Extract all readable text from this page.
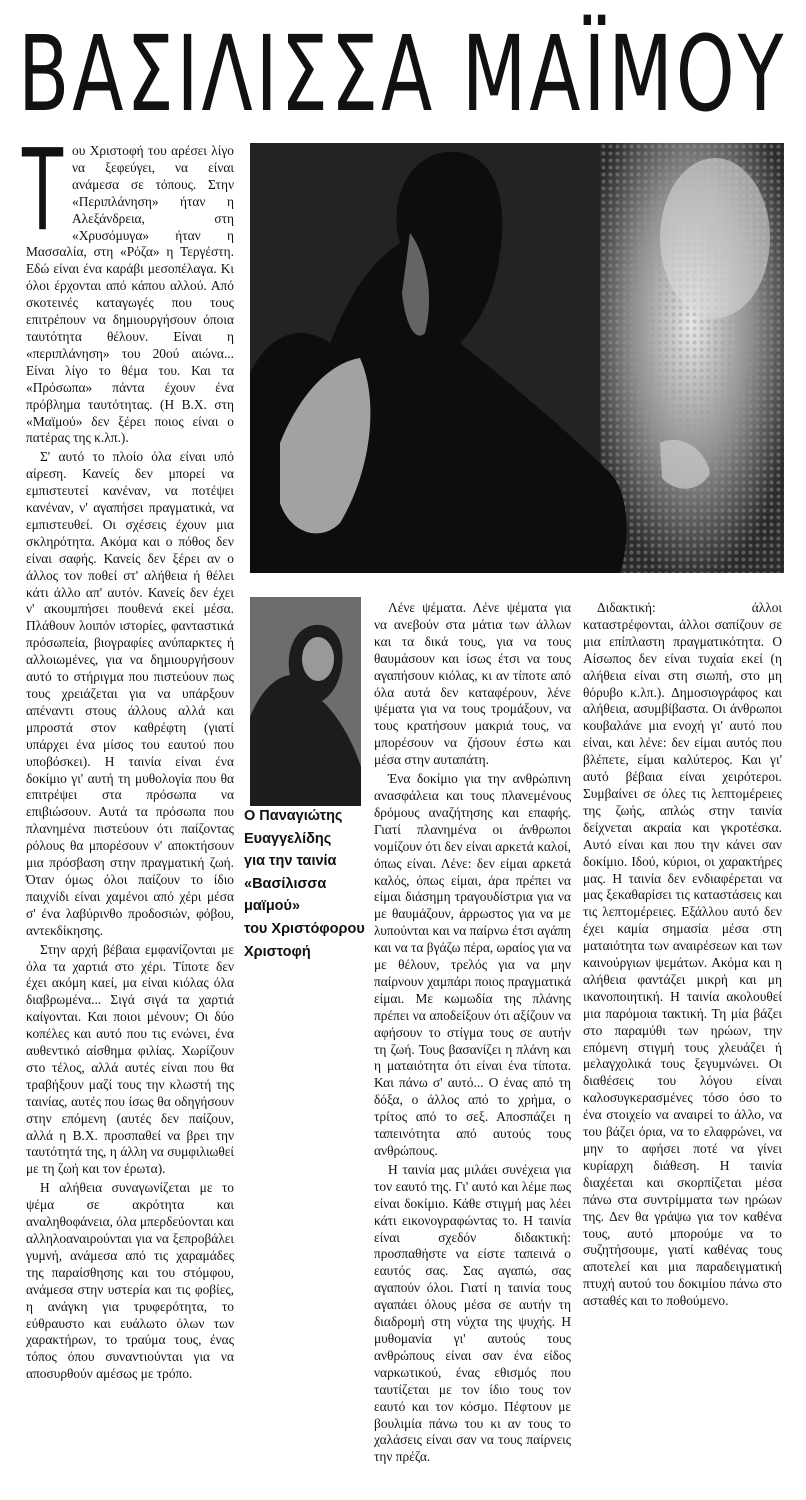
ΒΑΣΙΛΙΣΣΑ ΜΑΪΜΟΥ
Τ ου Χριστοφή του αρέσει λίγο να ξεφεύγει, να είναι ανάμεσα σε τόπους. Στην «Περιπλάνηση» ήταν η Αλεξάνδρεια, στη «Χρυσόμυγα» ήταν η Μασσαλία, στη «Ρόζα» η Τεργέστη. Εδώ είναι ένα καράβι μεσοπέλαγα. Κι όλοι έρχονται από κάπου αλλού. Από σκοτεινές καταγωγές που τους επιτρέπουν να δημιουργήσουν όποια ταυτότητα θέλουν. Είναι η «περιπλάνηση» του 20ού αιώνα... Είναι λίγο το θέμα του. Και τα «Πρόσωπα» πάντα έχουν ένα πρόβλημα ταυτότητας. (Η Β.Χ. στη «Μαϊμού» δεν ξέρει ποιος είναι ο πατέρας της κ.λπ.).

Σ' αυτό το πλοίο όλα είναι υπό αίρεση. Κανείς δεν μπορεί να εμπιστευτεί κανέναν, να ποτέψει κανέναν, ν' αγαπήσει πραγματικά, να εμπιστευθεί. Οι σχέσεις έχουν μια σκληρότητα. Ακόμα και ο πόθος δεν είναι σαφής. Κανείς δεν ξέρει αν ο άλλος τον ποθεί στ' αλήθεια ή θέλει κάτι άλλο απ' αυτόν. Κανείς δεν έχει ν' ακουμπήσει πουθενά εκεί μέσα. Πλάθουν λοιπόν ιστορίες, φανταστικά πρόσωπεία, βιογραφίες ανύπαρκτες ή αλλοιωμένες, για να δημιουργήσουν αυτό το στήριγμα που πιστεύουν πως τους χρειάζεται για να υπάρξουν απέναντι στους άλλους αλλά και μπροστά στον καθρέφτη (γιατί υπάρχει ένα μίσος του εαυτού που υποβόσκει). Η ταινία είναι ένα δοκίμιο γι' αυτή τη μυθολογία που θα επιτρέψει στα πρόσωπα να επιβιώσουν. Αυτά τα πρόσωπα που πλανημένα πιστεύουν ότι παίζοντας ρόλους θα μπορέσουν ν' αποκτήσουν μια πρόσβαση στην πραγματική ζωή. Όταν όμως όλοι παίζουν το ίδιο παιχνίδι είναι χαμένοι από χέρι μέσα σ' ένα λαβύρινθο προδοσιών, φόβου, αντεκδίκησης.

Στην αρχή βέβαια εμφανίζονται με όλα τα χαρτιά στο χέρι. Τίποτε δεν έχει ακόμη καεί, μα είναι κιόλας όλα διαβρωμένα... Σιγά σιγά τα χαρτιά καίγονται. Και ποιοι μένουν; Οι δύο κοπέλες και αυτό που τις ενώνει, ένα αυθεντικό αίσθημα φιλίας. Χωρίζουν στο τέλος, αλλά αυτές είναι που θα τραβήξουν μαζί τους την κλωστή της ταινίας, αυτές που ίσως θα οδηγήσουν στην επόμενη (αυτές δεν παίζουν, αλλά η Β.Χ. προσπαθεί να βρει την ταυτότητά της, η άλλη να συμφιλιωθεί με τη ζωή και τον έρωτα).

Η αλήθεια συναγωνίζεται με το ψέμα σε ακρότητα και αναληθοφάνεια, όλα μπερδεύονται και αλληλοαναιρούνται για να ξεπροβάλει γυμνή, ανάμεσα από τις χαραμάδες της παραίσθησης και του στόμφου, ανάμεσα στην υστερία και τις φοβίες, η ανάγκη για τρυφερότητα, το εύθραυστο και ευάλωτο όλων των χαρακτήρων, το τραύμα τους, ένας τόπος όπου συναντιούνται για να αποσυρθούν αμέσως με τρόπο.

Ο Παναγιώτης Ευαγγελίδης

για την ταινία

«Βασίλισσα μαϊμού»

του Χριστόφορου Χριστοφή

Λένε ψέματα. Λένε ψέματα για να ανεβούν στα μάτια των άλλων και τα δικά τους, για να τους θαυμάσουν και ίσως έτσι να τους αγαπήσουν κιόλας, κι αν τίποτε από όλα αυτά δεν καταφέρουν, λένε ψέματα για να τους τρομάξουν, να τους κρατήσουν μακριά τους, να μπορέσουν να ζήσουν έστω και μέσα στην αυταπάτη.

Ένα δοκίμιο για την ανθρώπινη ανασφάλεια και τους πλανεμένους δρόμους αναζήτησης και επαφής. Γιατί πλανημένα οι άνθρωποι νομίζουν ότι δεν είναι αρκετά καλοί, όπως είναι. Λένε: δεν είμαι αρκετά καλός, όπως είμαι, άρα πρέπει να είμαι διάσημη τραγουδίστρια για να με θαυμάζουν, άρρωστος για να με λυπούνται και να παίρνω έτσι αγάπη και να τα βγάζω πέρα, ωραίος για να με θέλουν, τρελός για να μην παίρνουν χαμπάρι ποιος πραγματικά είμαι. Με κωμωδία της πλάνης πρέπει να αποδείξουν ότι αξίζουν να αφήσουν το στίγμα τους σε αυτήν τη ζωή. Τους βασανίζει η πλάνη και η ματαιότητα ότι είναι ένα τίποτα. Και πάνω σ' αυτό... Ο ένας από τη δόξα, ο άλλος από το χρήμα, ο τρίτος από το σεξ. Αποσπάζει η ταπεινότητα από αυτούς τους ανθρώπους.

Η ταινία μας μιλάει συνέχεια για τον εαυτό της. Γι' αυτό και λέμε πως είναι δοκίμιο. Κάθε στιγμή μας λέει κάτι εικονογραφώντας το. Η ταινία είναι σχεδόν διδακτική: προσπαθήστε να είστε ταπεινά ο εαυτός σας. Σας αγαπώ, σας αγαπούν όλοι. Γιατί η ταινία τους αγαπάει όλους μέσα σε αυτήν τη διαδρομή στη νύχτα της ψυχής. Η μυθομανία γι' αυτούς τους ανθρώπους είναι σαν ένα είδος ναρκωτικού, ένας εθισμός που ταυτίζεται με τον ίδιο τους τον εαυτό και τον κόσμο. Πέφτουν με βουλιμία πάνω του κι αν τους το χαλάσεις είναι σαν να τους παίρνεις την πρέζα.

Διδακτική: άλλοι καταστρέφονται, άλλοι σαπίζουν σε μια επίπλαστη πραγματικότητα. Ο Αίσωπος δεν είναι τυχαία εκεί (η αλήθεια είναι στη σιωπή, στο μη θόρυβο κ.λπ.). Δημοσιογράφος και αλήθεια, ασυμβίβαστα. Οι άνθρωποι κουβαλάνε μια ενοχή γι' αυτό που είναι, και λένε: δεν είμαι αυτός που βλέπετε, είμαι καλύτερος. Και γι' αυτό βέβαια είναι χειρότεροι. Συμβαίνει σε όλες τις λεπτομέρειες της ζωής, απλώς στην ταινία δείχνεται ακραία και γκροτέσκα. Αυτό είναι και που την κάνει σαν δοκίμιο. Ιδού, κύριοι, οι χαρακτήρες μας. Η ταινία δεν ενδιαφέρεται να μας ξεκαθαρίσει τις καταστάσεις και τις λεπτομέρειες. Εξάλλου αυτό δεν έχει καμία σημασία μέσα στη ματαιότητα των αναιρέσεων και των καινούργιων ψεμάτων. Ακόμα και η αλήθεια φαντάζει μικρή και μη ικανοποιητική. Η ταινία ακολουθεί μια παρόμοια τακτική. Τη μία βάζει στο παραμύθι των ηρώων, την επόμενη στιγμή τους χλευάζει ή μελαγχολικά τους ξεγυμνώνει. Οι διαθέσεις του λόγου είναι καλοσυγκερασμένες τόσο όσο το ένα στοιχείο να αναιρεί το άλλο, να του βάζει όρια, να το ελαφρώνει, να μην το αφήσει ποτέ να γίνει κυρίαρχη διάθεση. Η ταινία διαχέεται και σκορπίζεται μέσα πάνω στα συντρίμματα των ηρώων της. Δεν θα γράψω για τον καθένα τους, αυτό μπορούμε να το συζητήσουμε, γιατί καθένας τους αποτελεί και μια παραδειγματική πτυχή αυτού του δοκιμίου πάνω στο ασταθές και το ποθούμενο.
